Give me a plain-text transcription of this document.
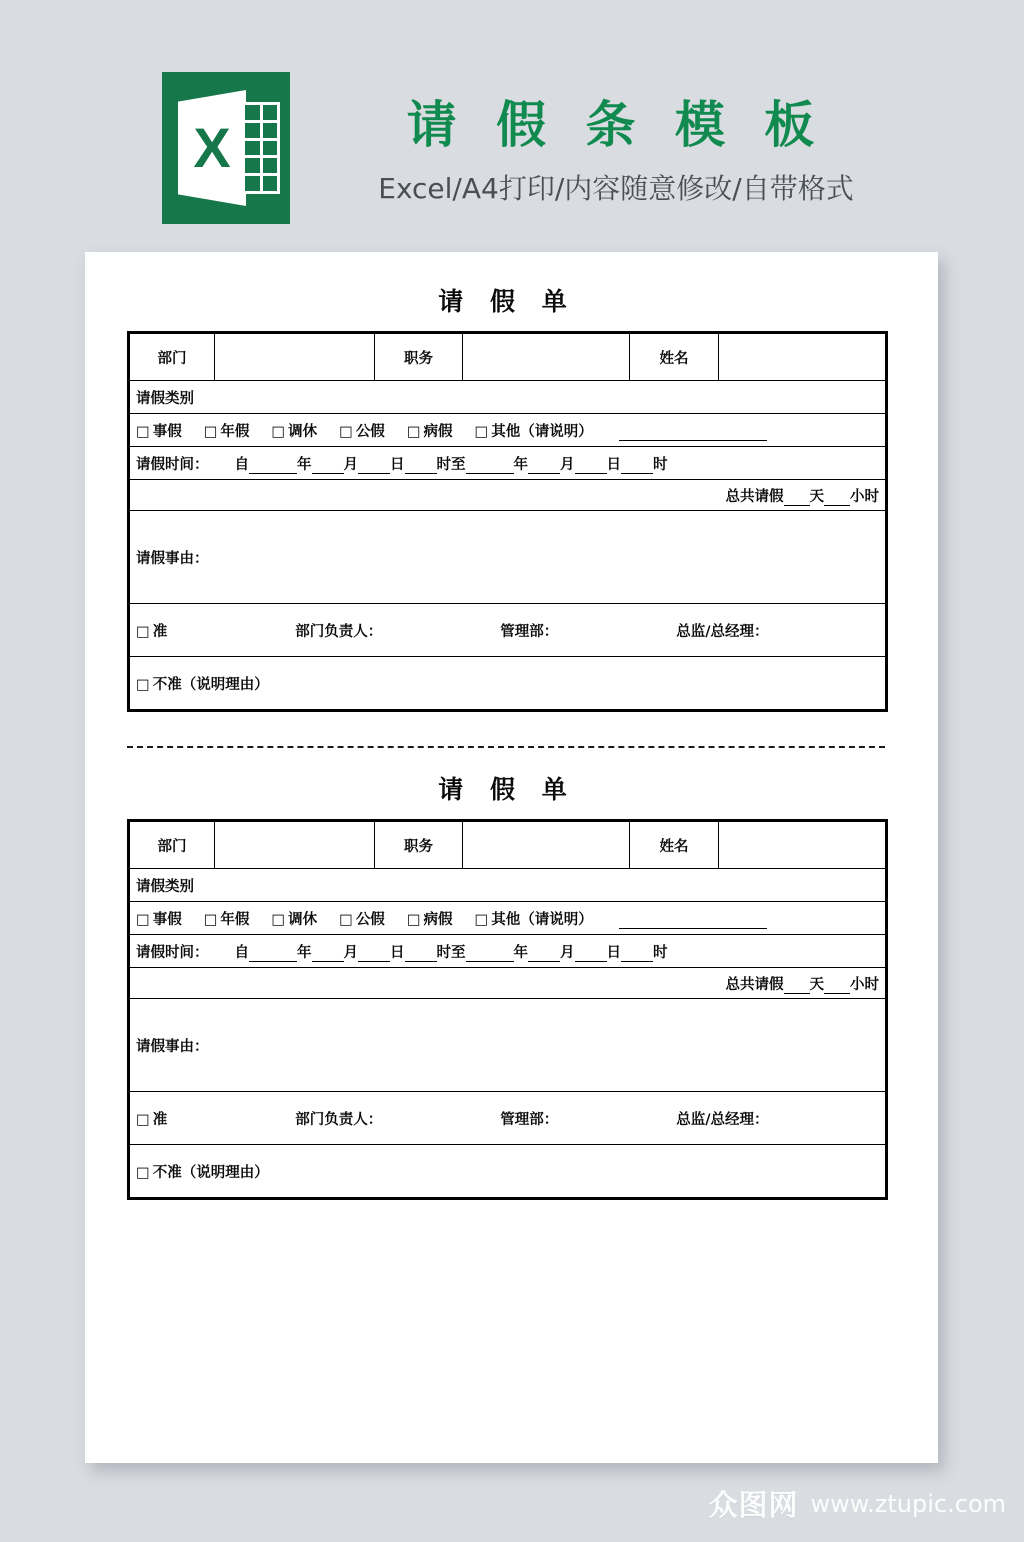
X	请 假 条 模 板

Excel/A4打印/内容随意修改/自带格式

请 假 单
部门		职务		姓名	
请假类别
□ 事假 □ 年假 □ 调休 □ 公假 □ 病假 □ 其他（请说明）
请假时间： 自	年 月 日 时至	年 月 日 时
总共请假 天 小时
请假事由：
□ 准	部门负责人：	管理部：	总监/总经理：
□ 不准（说明理由）
请 假 单
部门		职务		姓名	
请假类别
□ 事假 □ 年假 □ 调休 □ 公假 □ 病假 □ 其他（请说明）
请假时间： 自	年 月 日 时至	年 月 日 时
总共请假 天 小时
请假事由：
□ 准	部门负责人：	管理部：	总监/总经理：
□ 不准（说明理由）
众图网 www.ztupic.com
